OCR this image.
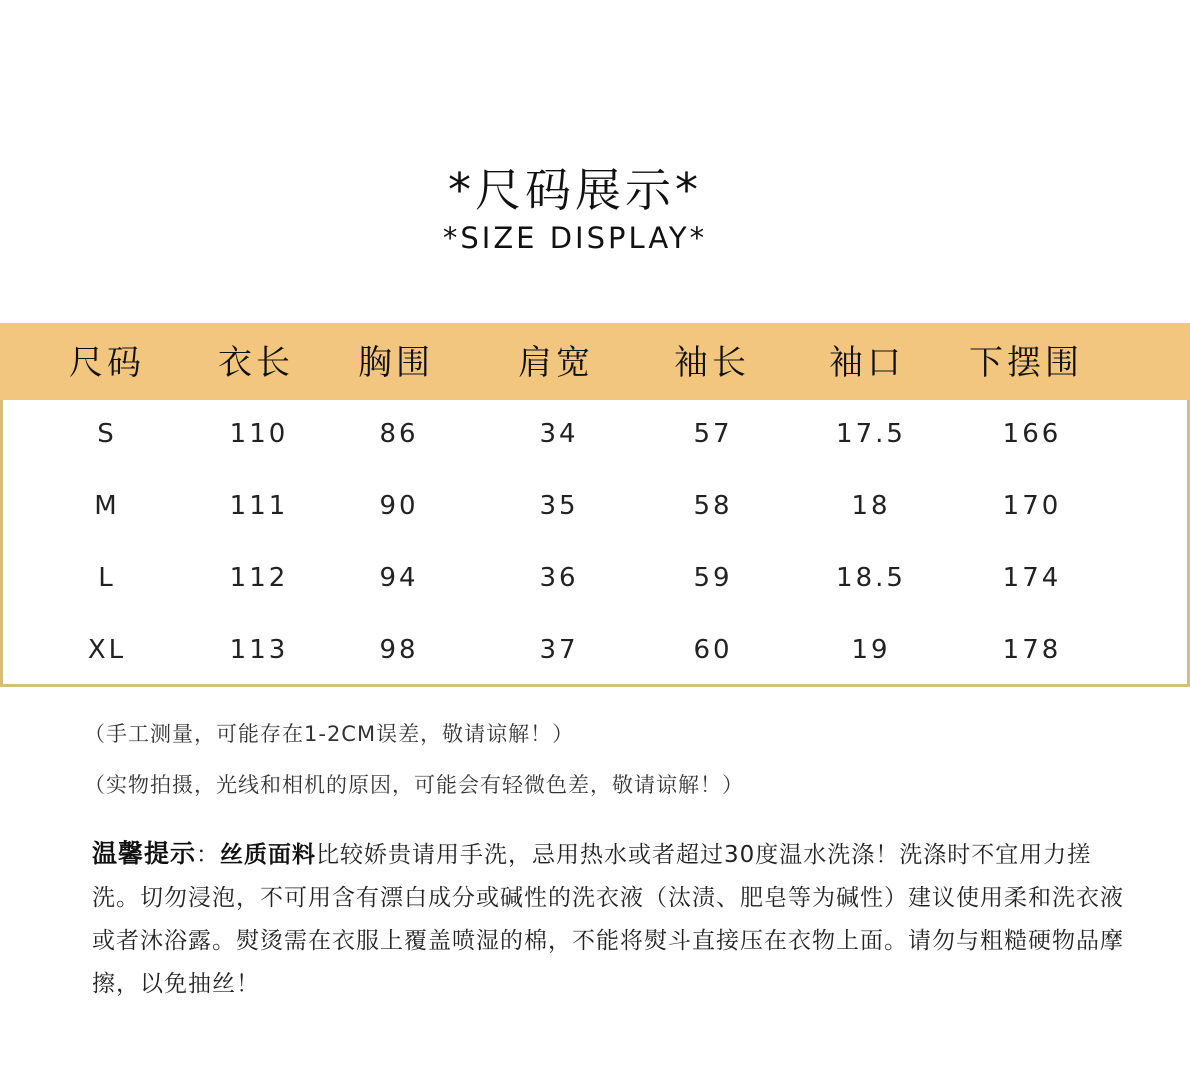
*尺码展示*
*SIZE DISPLAY*
尺码	衣长	胸围	肩宽	袖长	袖口	下摆围
S	110	86	34	57	17.5	166
M	111	90	35	58	18	170
L	112	94	36	59	18.5	174
XL	113	98	37	60	19	178
（手工测量，可能存在1-2CM误差，敬请谅解！）
（实物拍摄，光线和相机的原因，可能会有轻微色差，敬请谅解！）
温馨提示：丝质面料比较娇贵请用手洗，忌用热水或者超过30度温水洗涤！洗涤时不宜用力搓洗。切勿浸泡，不可用含有漂白成分或碱性的洗衣液（汰渍、肥皂等为碱性）建议使用柔和洗衣液或者沐浴露。熨烫需在衣服上覆盖喷湿的棉，不能将熨斗直接压在衣物上面。请勿与粗糙硬物品摩擦，以免抽丝！
